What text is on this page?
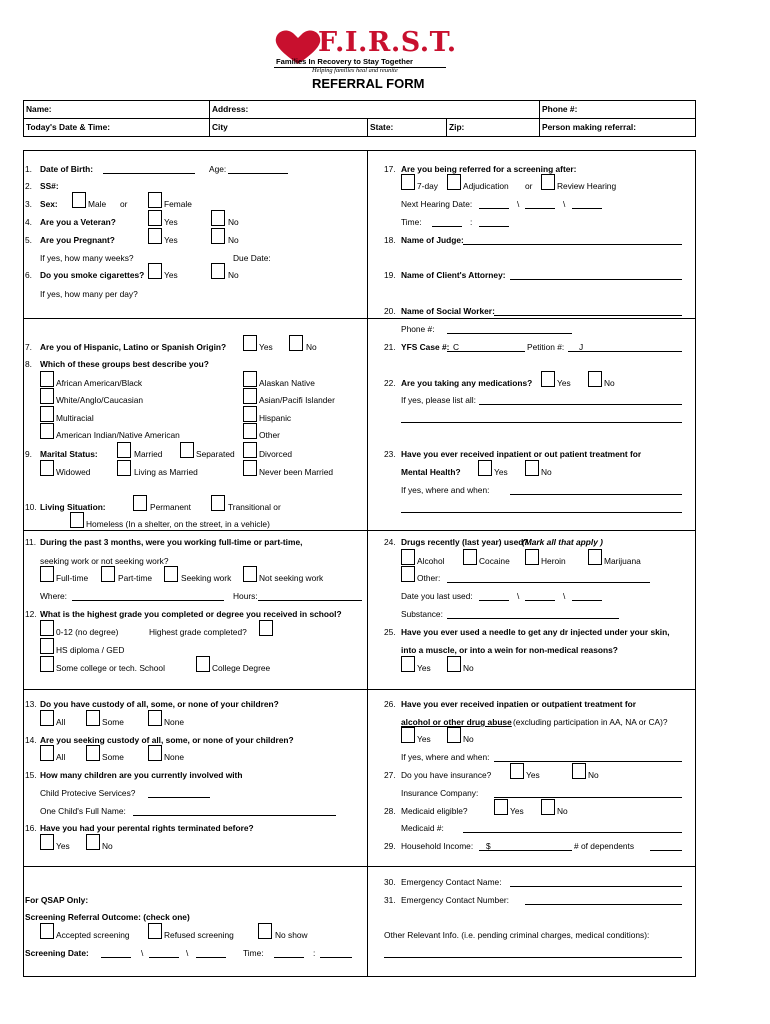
F.I.R.S.T.
Families In Recovery to Stay Together
Helping families heal and reunite
REFERRAL FORM
Name:	Address:	Phone #:
Today's Date & Time:	City	State:	Zip:	Person making referral:
1. Date of Birth:	Age:
2. SS#:
3. Sex:	Male or	Female
4. Are you a Veteran?	Yes	No
5. Are you Pregnant?	Yes	No
If yes, how many weeks?	Due Date:
6. Do you smoke cigarettes? Yes	No
If yes, how many per day?
7. Are you of Hispanic, Latino or Spanish Origin?	Yes	No
8. Which of these groups best describe you?
African American/Black
White/Anglo/Caucasian
Multiracial
American Indian/Native American
Alaskan Native
Asian/Pacifi Islander
Hispanic
Other
9. Marital Status:	Married	Separated	Divorced
Widowed	Living as Married	Never been Married
10. Living Situation:	Permanent	Transitional or
Homeless (In a shelter, on the street, in a vehicle)
11. During the past 3 months, were you working full-time or part-time,
seeking work or not seeking work?
Full-time	Part-time	Seeking work	Not seeking work
Where:	Hours:
12. What is the highest grade you completed or degree you received in school?
0-12 (no degree)	Highest grade completed?
HS diploma / GED
Some college or tech. School	College Degree
13. Do you have custody of all, some, or none of your children?
All	Some	None
14. Are you seeking custody of all, some, or none of your children?
All	Some	None
15. How many children are you currently involved with
Child Protecive Services?
One Child's Full Name:
16. Have you had your perental rights terminated before?
Yes	No
For QSAP Only:
Screening Referral Outcome: (check one)
Accepted screening	Refused screening	No show
Screening Date:	\	\	Time:	:
17. Are you being referred for a screening after:
7-day	Adjudication or	Review Hearing
Next Hearing Date:	\	\
Time:	:
18. Name of Judge:
19. Name of Client's Attorney:
20. Name of Social Worker:
Phone #:
21. YFS Case #: C	Petition #: J
22. Are you taking any medications?	Yes	No
If yes, please list all:
23. Have you ever received inpatient or out patient treatment for
Mental Health?	Yes	No
If yes, where and when:
24. Drugs recently (last year) used?
(Mark all that apply )
Alcohol	Cocaine	Heroin	Marijuana
Other:
Date you last used:	\	\
Substance:
25. Have you ever used a needle to get any dr injected under your skin,
into a muscle, or into a wein for non-medical reasons?
Yes	No
26. Have you ever received inpatien or outpatient treatment for
alcohol or other drug abuse (excluding participation in AA, NA or CA)?
Yes	No
If yes, where and when:
27. Do you have insurance?	Yes	No
Insurance Company:
28. Medicaid eligible?	Yes	No
Medicaid #:
29. Household Income: $	# of dependents
30. Emergency Contact Name:
31. Emergency Contact Number:
Other Relevant Info. (i.e. pending criminal charges, medical conditions):
